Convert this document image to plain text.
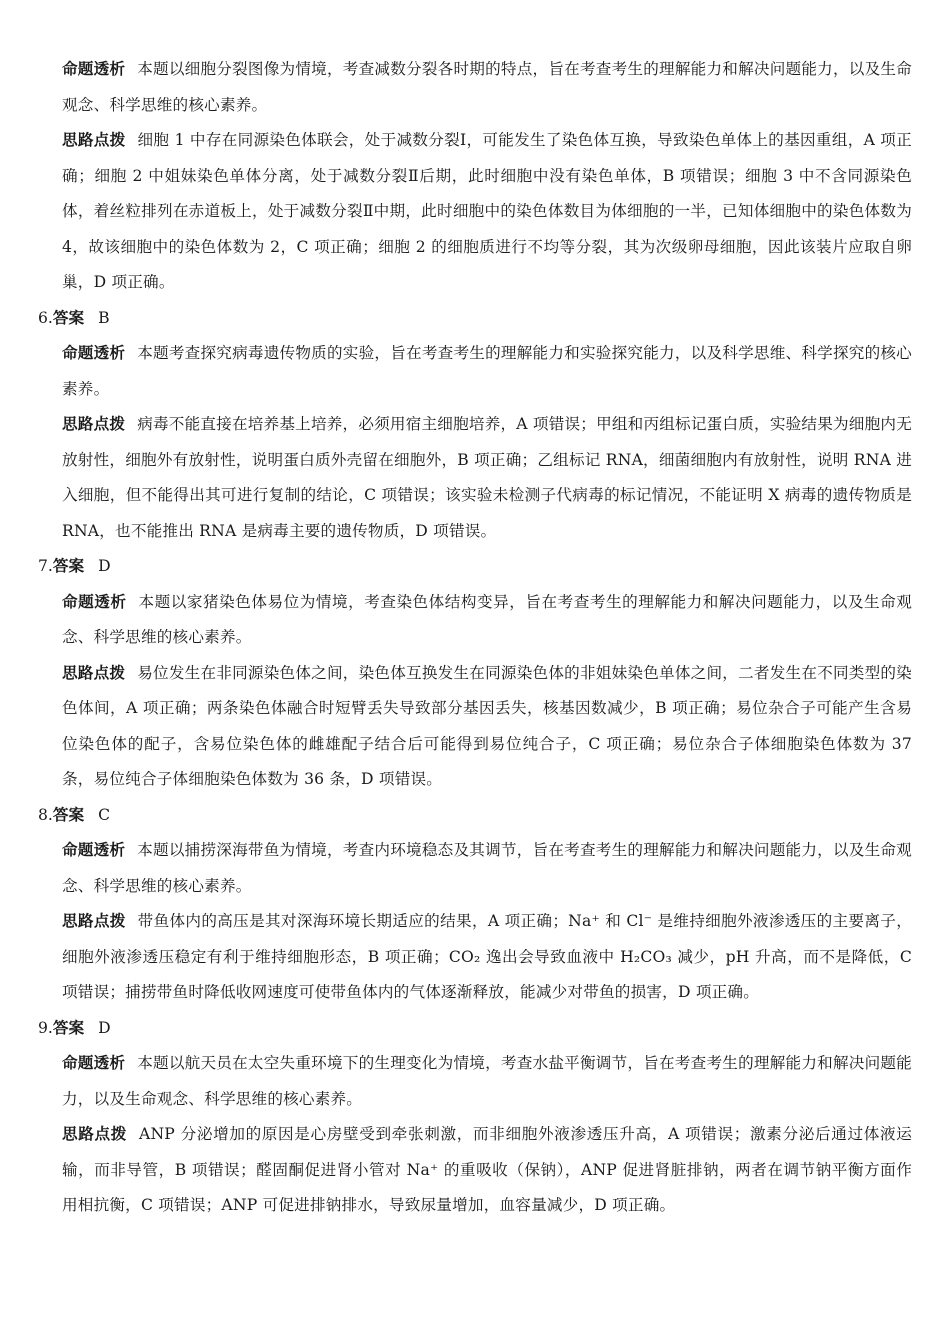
命题透析 本题以细胞分裂图像为情境，考查减数分裂各时期的特点，旨在考查考生的理解能力和解决问题能力，以及生命观念、科学思维的核心素养。

思路点拨 细胞 1 中存在同源染色体联会，处于减数分裂Ⅰ，可能发生了染色体互换，导致染色单体上的基因重组，A 项正确；细胞 2 中姐妹染色单体分离，处于减数分裂Ⅱ后期，此时细胞中没有染色单体，B 项错误；细胞 3 中不含同源染色体，着丝粒排列在赤道板上，处于减数分裂Ⅱ中期，此时细胞中的染色体数目为体细胞的一半，已知体细胞中的染色体数为 4，故该细胞中的染色体数为 2，C 项正确；细胞 2 的细胞质进行不均等分裂，其为次级卵母细胞，因此该装片应取自卵巢，D 项正确。

6.答案 B

命题透析 本题考查探究病毒遗传物质的实验，旨在考查考生的理解能力和实验探究能力，以及科学思维、科学探究的核心素养。

思路点拨 病毒不能直接在培养基上培养，必须用宿主细胞培养，A 项错误；甲组和丙组标记蛋白质，实验结果为细胞内无放射性，细胞外有放射性，说明蛋白质外壳留在细胞外，B 项正确；乙组标记 RNA，细菌细胞内有放射性，说明 RNA 进入细胞，但不能得出其可进行复制的结论，C 项错误；该实验未检测子代病毒的标记情况，不能证明 X 病毒的遗传物质是 RNA，也不能推出 RNA 是病毒主要的遗传物质，D 项错误。

7.答案 D

命题透析 本题以家猪染色体易位为情境，考查染色体结构变异，旨在考查考生的理解能力和解决问题能力，以及生命观念、科学思维的核心素养。

思路点拨 易位发生在非同源染色体之间，染色体互换发生在同源染色体的非姐妹染色单体之间，二者发生在不同类型的染色体间，A 项正确；两条染色体融合时短臂丢失导致部分基因丢失，核基因数减少，B 项正确；易位杂合子可能产生含易位染色体的配子，含易位染色体的雌雄配子结合后可能得到易位纯合子，C 项正确；易位杂合子体细胞染色体数为 37 条，易位纯合子体细胞染色体数为 36 条，D 项错误。

8.答案 C

命题透析 本题以捕捞深海带鱼为情境，考查内环境稳态及其调节，旨在考查考生的理解能力和解决问题能力，以及生命观念、科学思维的核心素养。

思路点拨 带鱼体内的高压是其对深海环境长期适应的结果，A 项正确；Na⁺ 和 Cl⁻ 是维持细胞外液渗透压的主要离子，细胞外液渗透压稳定有利于维持细胞形态，B 项正确；CO₂ 逸出会导致血液中 H₂CO₃ 减少，pH 升高，而不是降低，C 项错误；捕捞带鱼时降低收网速度可使带鱼体内的气体逐渐释放，能减少对带鱼的损害，D 项正确。

9.答案 D

命题透析 本题以航天员在太空失重环境下的生理变化为情境，考查水盐平衡调节，旨在考查考生的理解能力和解决问题能力，以及生命观念、科学思维的核心素养。

思路点拨 ANP 分泌增加的原因是心房壁受到牵张刺激，而非细胞外液渗透压升高，A 项错误；激素分泌后通过体液运输，而非导管，B 项错误；醛固酮促进肾小管对 Na⁺ 的重吸收（保钠），ANP 促进肾脏排钠，两者在调节钠平衡方面作用相抗衡，C 项错误；ANP 可促进排钠排水，导致尿量增加，血容量减少，D 项正确。
